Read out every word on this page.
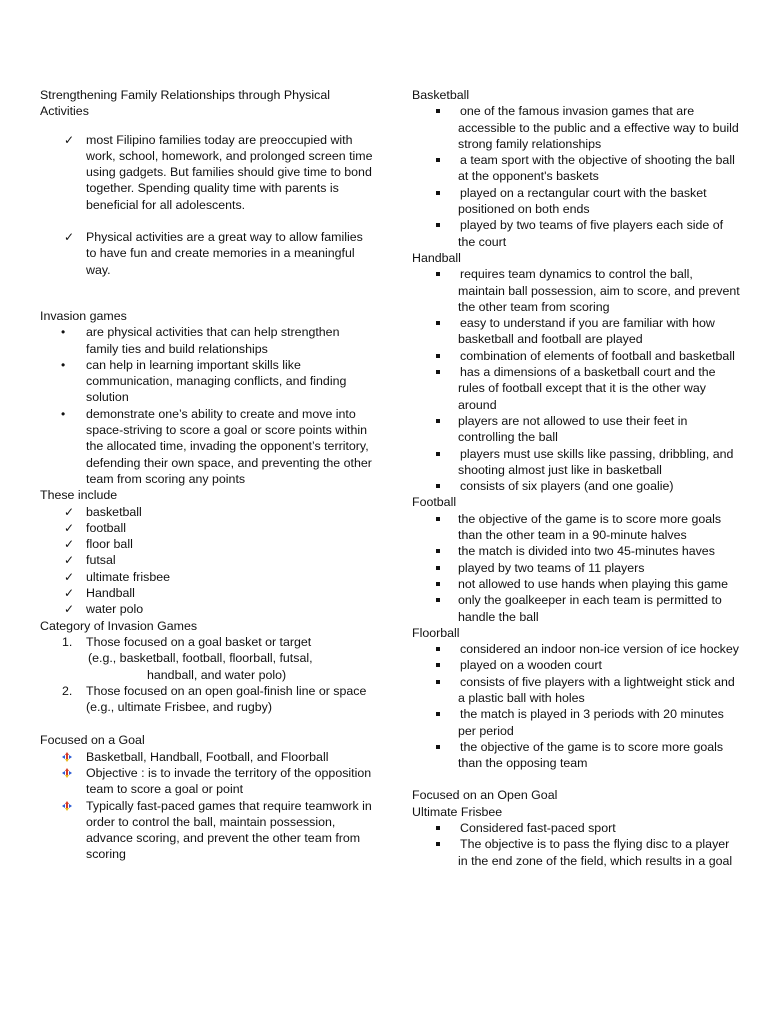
Strengthening Family Relationships through Physical Activities

✓ most Filipino families today are preoccupied with work, school, homework, and prolonged screen time using gadgets. But families should give time to bond together. Spending quality time with parents is beneficial for all adolescents.
✓ Physical activities are a great way to allow families to have fun and create memories in a meaningful way.

Invasion games

• are physical activities that can help strengthen family ties and build relationships
• can help in learning important skills like communication, managing conflicts, and finding solution
• demonstrate one’s ability to create and move into space-striving to score a goal or score points within the allocated time, invading the opponent’s territory, defending their own space, and preventing the other team from scoring any points

These include

✓ basketball
✓ football
✓ floor ball
✓ futsal
✓ ultimate frisbee
✓ Handball
✓ water polo

Category of Invasion Games

1. Those focused on a goal basket or target
(e.g., basketball, football, floorball, futsal,
handball, and water polo)
2. Those focused on an open goal-finish line or space (e.g., ultimate Frisbee, and rugby)

Focused on a Goal

Basketball, Handball, Football, and Floorball
Objective : is to invade the territory of the opposition team to score a goal or point
Typically fast-paced games that require teamwork in order to control the ball, maintain possession, advance scoring, and prevent the other team from scoring

Basketball

one of the famous invasion games that are accessible to the public and a effective way to build strong family relationships
a team sport with the objective of shooting the ball at the opponent's baskets
played on a rectangular court with the basket positioned on both ends
played by two teams of five players each side of the court

Handball

requires team dynamics to control the ball, maintain ball possession, aim to score, and prevent the other team from scoring
easy to understand if you are familiar with how basketball and football are played
combination of elements of football and basketball
has a dimensions of a basketball court and the rules of football except that it is the other way around
players are not allowed to use their feet in controlling the ball
players must use skills like passing, dribbling, and shooting almost just like in basketball
consists of six players (and one goalie)

Football

the objective of the game is to score more goals than the other team in a 90-minute halves
the match is divided into two 45-minutes haves
played by two teams of 11 players
not allowed to use hands when playing this game
only the goalkeeper in each team is permitted to handle the ball

Floorball

considered an indoor non-ice version of ice hockey
played on a wooden court
consists of five players with a lightweight stick and a plastic ball with holes
the match is played in 3 periods with 20 minutes per period
the objective of the game is to score more goals than the opposing team

Focused on an Open Goal

Ultimate Frisbee

Considered fast-paced sport
The objective is to pass the flying disc to a player in the end zone of the field, which results in a goal
